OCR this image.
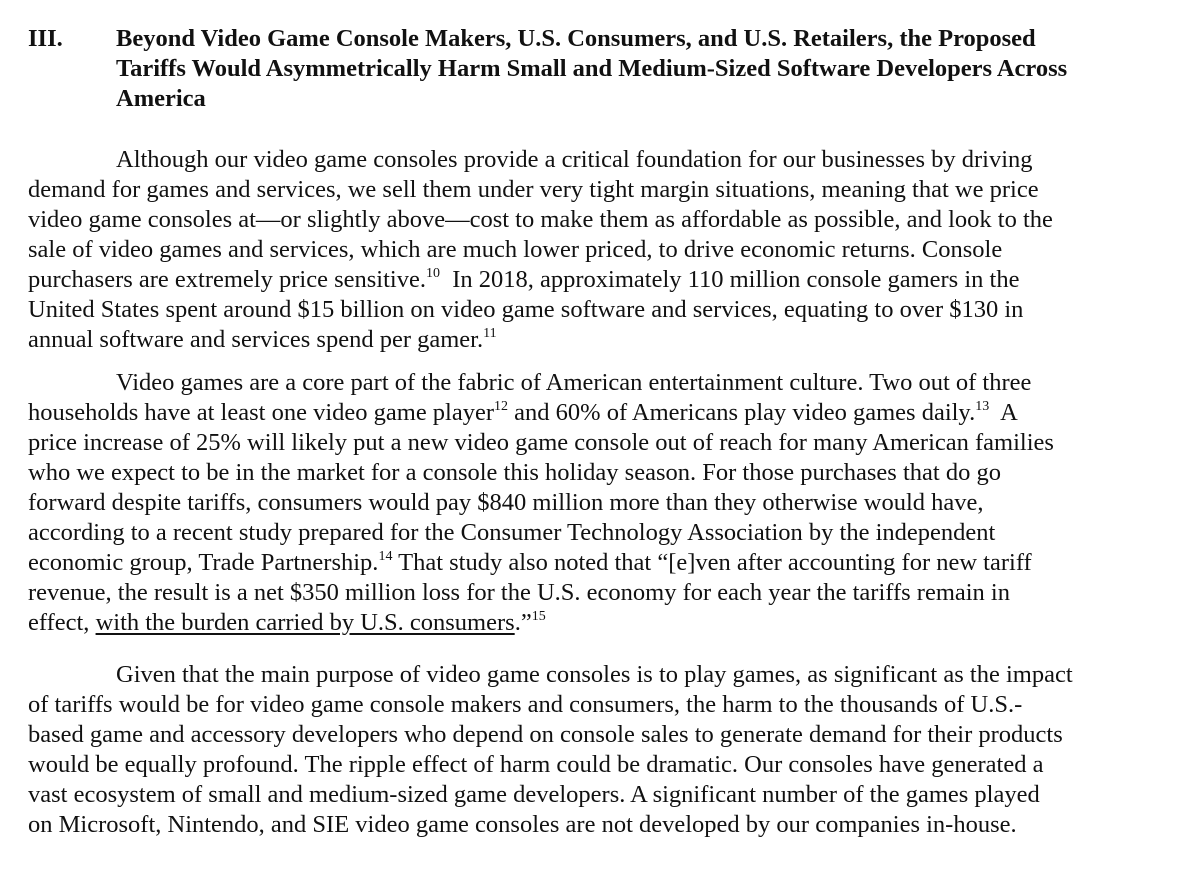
III. Beyond Video Game Console Makers, U.S. Consumers, and U.S. Retailers, the Proposed
Tariffs Would Asymmetrically Harm Small and Medium-Sized Software Developers Across
America
Although our video game consoles provide a critical foundation for our businesses by driving
demand for games and services, we sell them under very tight margin situations, meaning that we price
video game consoles at—or slightly above—cost to make them as affordable as possible, and look to the
sale of video games and services, which are much lower priced, to drive economic returns. Console
purchasers are extremely price sensitive.$^{10}$  In 2018, approximately 110 million console gamers in the
United States spent around $15 billion on video game software and services, equating to over $130 in
annual software and services spend per gamer.$^{11}$
Video games are a core part of the fabric of American entertainment culture. Two out of three
households have at least one video game player$^{12}$ and 60% of Americans play video games daily.$^{13}$  A
price increase of 25% will likely put a new video game console out of reach for many American families
who we expect to be in the market for a console this holiday season. For those purchases that do go
forward despite tariffs, consumers would pay $840 million more than they otherwise would have,
according to a recent study prepared for the Consumer Technology Association by the independent
economic group, Trade Partnership.$^{14}$ That study also noted that “[e]ven after accounting for new tariff
revenue, the result is a net $350 million loss for the U.S. economy for each year the tariffs remain in
effect, with the burden carried by U.S. consumers.”$^{15}$
Given that the main purpose of video game consoles is to play games, as significant as the impact
of tariffs would be for video game console makers and consumers, the harm to the thousands of U.S.-
based game and accessory developers who depend on console sales to generate demand for their products
would be equally profound. The ripple effect of harm could be dramatic. Our consoles have generated a
vast ecosystem of small and medium-sized game developers. A significant number of the games played
on Microsoft, Nintendo, and SIE video game consoles are not developed by our companies in-house.
